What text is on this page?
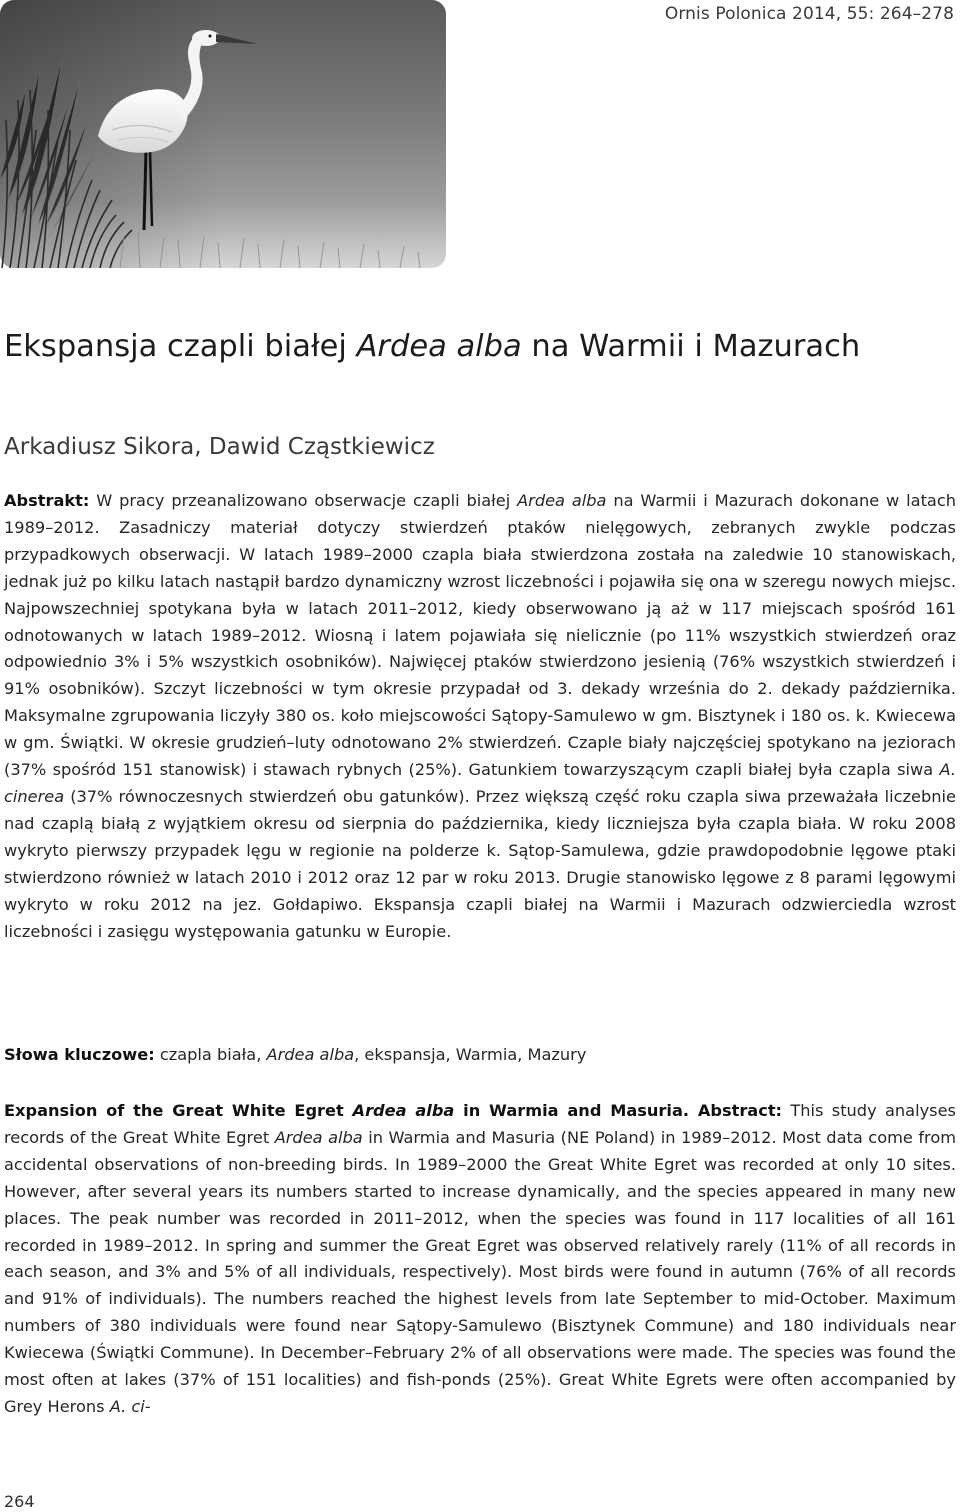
Ornis Polonica 2014, 55: 264–278
Ekspansja czapli białej Ardea alba na Warmii i Mazurach
Arkadiusz Sikora, Dawid Cząstkiewicz

Abstrakt: W pracy przeanalizowano obserwacje czapli białej Ardea alba na Warmii i Mazurach dokonane w latach 1989–2012. Zasadniczy materiał dotyczy stwierdzeń ptaków nielęgowych, zebranych zwykle podczas przypadkowych obserwacji. W latach 1989–2000 czapla biała stwierdzona została na zaledwie 10 stanowiskach, jednak już po kilku latach nastąpił bardzo dynamiczny wzrost liczebności i pojawiła się ona w szeregu nowych miejsc. Najpowszechniej spotykana była w latach 2011–2012, kiedy obserwowano ją aż w 117 miejscach spośród 161 odnotowanych w latach 1989–2012. Wiosną i latem pojawiała się nielicznie (po 11% wszystkich stwierdzeń oraz odpowiednio 3% i 5% wszystkich osobników). Najwięcej ptaków stwierdzono jesienią (76% wszystkich stwierdzeń i 91% osobników). Szczyt liczebności w tym okresie przypadał od 3. dekady września do 2. dekady października. Maksymalne zgrupowania liczyły 380 os. koło miejscowości Sątopy-Samulewo w gm. Bisztynek i 180 os. k. Kwiecewa w gm. Świątki. W okresie grudzień–luty odnotowano 2% stwierdzeń. Czaple biały najczęściej spotykano na jeziorach (37% spośród 151 stanowisk) i stawach rybnych (25%). Gatunkiem towarzyszącym czapli białej była czapla siwa A. cinerea (37% równoczesnych stwierdzeń obu gatunków). Przez większą część roku czapla siwa przeważała liczebnie nad czaplą białą z wyjątkiem okresu od sierpnia do października, kiedy liczniejsza była czapla biała. W roku 2008 wykryto pierwszy przypadek lęgu w regionie na polderze k. Sątop-Samulewa, gdzie prawdopodobnie lęgowe ptaki stwierdzono również w latach 2010 i 2012 oraz 12 par w roku 2013. Drugie stanowisko lęgowe z 8 parami lęgowymi wykryto w roku 2012 na jez. Gołdapiwo. Ekspansja czapli białej na Warmii i Mazurach odzwierciedla wzrost liczebności i zasięgu występowania gatunku w Europie.

Słowa kluczowe: czapla biała, Ardea alba, ekspansja, Warmia, Mazury

Expansion of the Great White Egret Ardea alba in Warmia and Masuria. Abstract: This study analyses records of the Great White Egret Ardea alba in Warmia and Masuria (NE Poland) in 1989–2012. Most data come from accidental observations of non-breeding birds. In 1989–2000 the Great White Egret was recorded at only 10 sites. However, after several years its numbers started to increase dynamically, and the species appeared in many new places. The peak number was recorded in 2011–2012, when the species was found in 117 localities of all 161 recorded in 1989–2012. In spring and summer the Great Egret was observed relatively rarely (11% of all records in each season, and 3% and 5% of all individuals, respectively). Most birds were found in autumn (76% of all records and 91% of individuals). The numbers reached the highest levels from late September to mid-October. Maximum numbers of 380 individuals were found near Sątopy-Samulewo (Bisztynek Commune) and 180 individuals near Kwiecewa (Świątki Commune). In December–February 2% of all observations were made. The species was found the most often at lakes (37% of 151 localities) and fish-ponds (25%). Great White Egrets were often accompanied by Grey Herons A. ci-

264
